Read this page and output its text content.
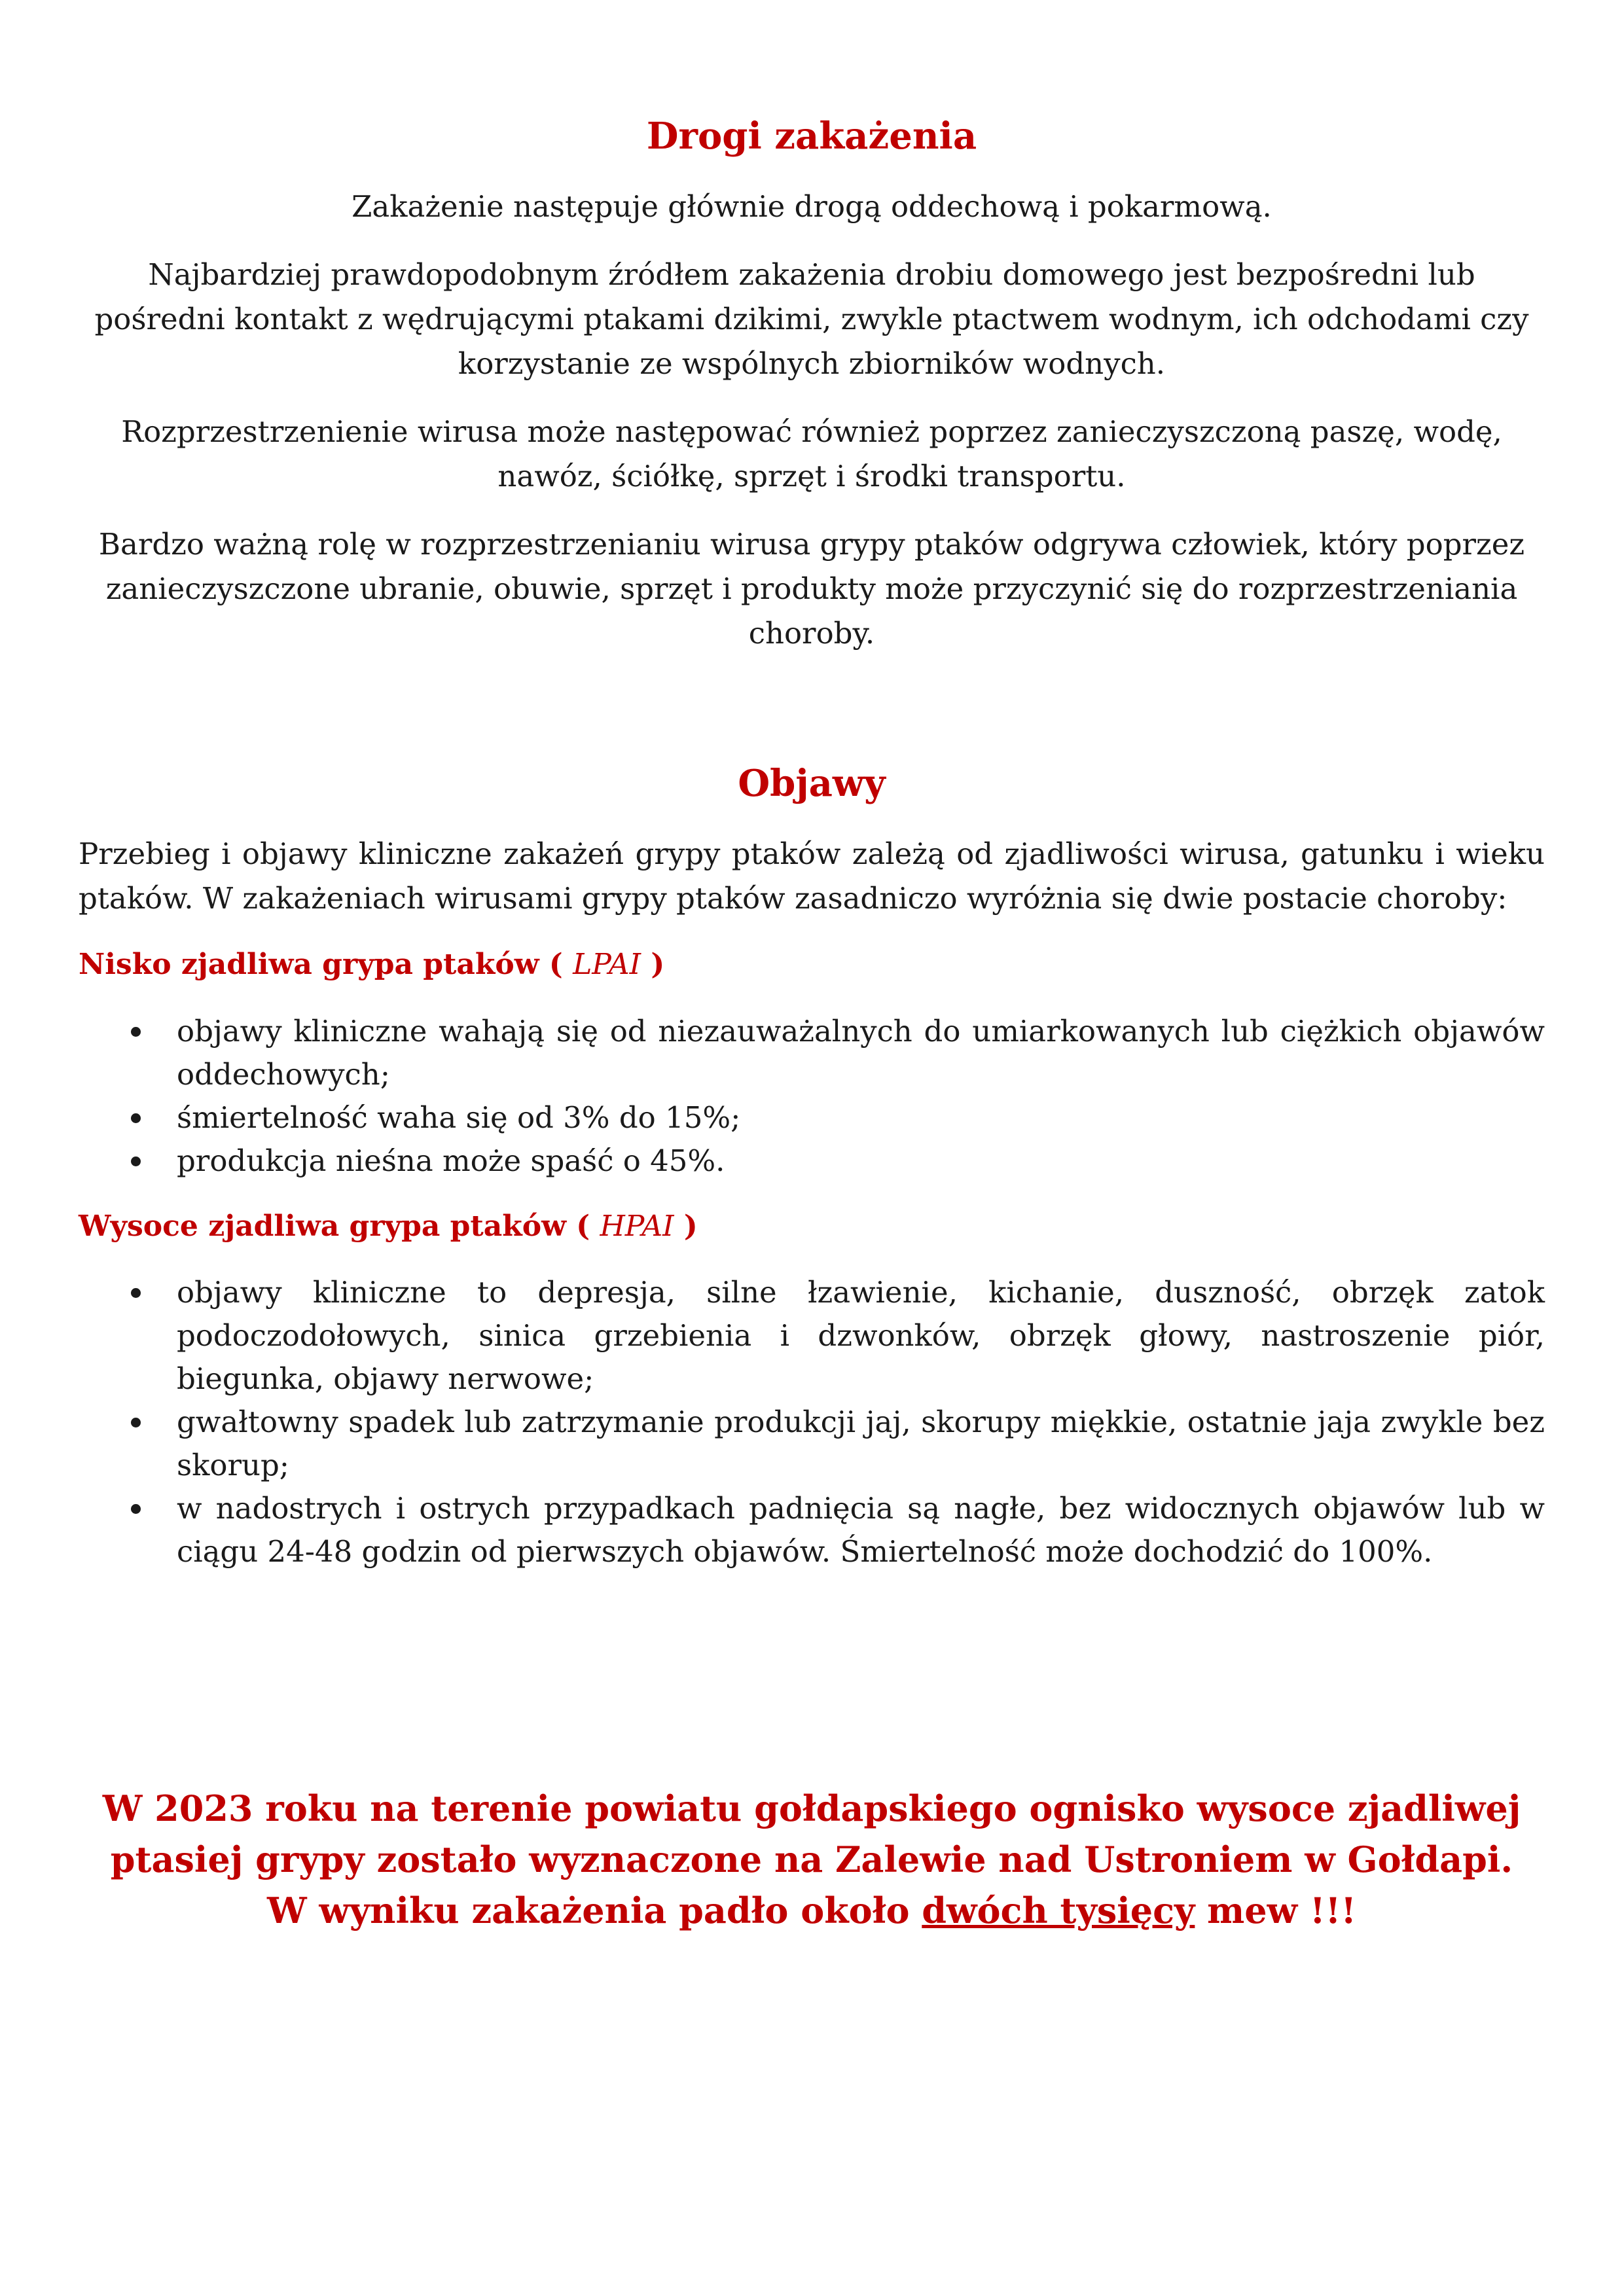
Drogi zakażenia

Zakażenie następuje głównie drogą oddechową i pokarmową.

Najbardziej prawdopodobnym źródłem zakażenia drobiu domowego jest bezpośredni lub pośredni kontakt z wędrującymi ptakami dzikimi, zwykle ptactwem wodnym, ich odchodami czy korzystanie ze wspólnych zbiorników wodnych.

Rozprzestrzenienie wirusa może następować również poprzez zanieczyszczoną paszę, wodę, nawóz, ściółkę, sprzęt i środki transportu.

Bardzo ważną rolę w rozprzestrzenianiu wirusa grypy ptaków odgrywa człowiek, który poprzez zanieczyszczone ubranie, obuwie, sprzęt i produkty może przyczynić się do rozprzestrzeniania choroby.

Objawy

Przebieg i objawy kliniczne zakażeń grypy ptaków zależą od zjadliwości wirusa, gatunku i wieku ptaków. W zakażeniach wirusami grypy ptaków zasadniczo wyróżnia się dwie postacie choroby:

Nisko zjadliwa grypa ptaków ( LPAI )

objawy kliniczne wahają się od niezauważalnych do umiarkowanych lub ciężkich objawów oddechowych;
śmiertelność waha się od 3% do 15%;
produkcja nieśna może spaść o 45%.

Wysoce zjadliwa grypa ptaków ( HPAI )

objawy kliniczne to depresja, silne łzawienie, kichanie, duszność, obrzęk zatok podoczodołowych, sinica grzebienia i dzwonków, obrzęk głowy, nastroszenie piór, biegunka, objawy nerwowe;
gwałtowny spadek lub zatrzymanie produkcji jaj, skorupy miękkie, ostatnie jaja zwykle bez skorup;
w nadostrych i ostrych przypadkach padnięcia są nagłe, bez widocznych objawów lub w ciągu 24-48 godzin od pierwszych objawów. Śmiertelność może dochodzić do 100%.

W 2023 roku na terenie powiatu gołdapskiego ognisko wysoce zjadliwej

ptasiej grypy zostało wyznaczone na Zalewie nad Ustroniem w Gołdapi.

W wyniku zakażenia padło około dwóch tysięcy mew !!!
